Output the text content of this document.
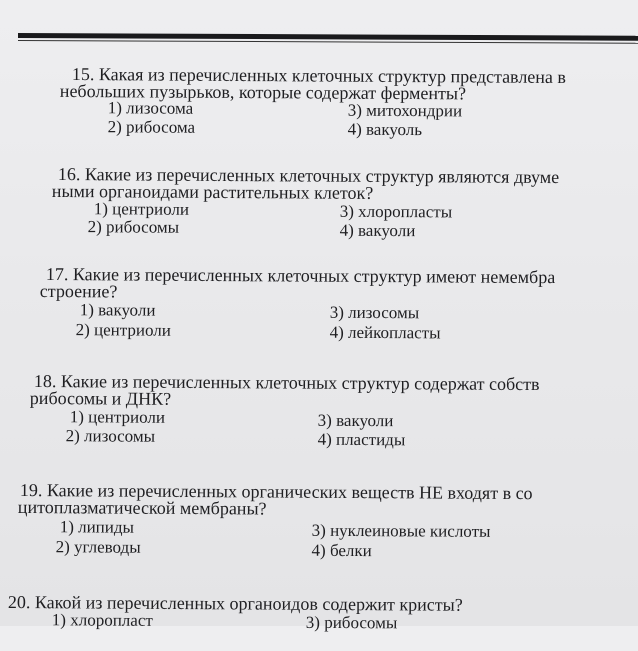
15. Какая из перечисленных клеточных структур представлена в

небольших пузырьков, которые содержат ферменты?

1) лизосома
2) рибосома
3) митохондрии
4) вакуоль

16. Какие из перечисленных клеточных структур являются двуме

ными органоидами растительных клеток?

1) центриоли
2) рибосомы
3) хлоропласты
4) вакуоли

17. Какие из перечисленных клеточных структур имеют немембра

строение?

1) вакуоли
2) центриоли
3) лизосомы
4) лейкопласты

18. Какие из перечисленных клеточных структур содержат собств

рибосомы и ДНК?

1) центриоли
2) лизосомы
3) вакуоли
4) пластиды

19. Какие из перечисленных органических веществ НЕ входят в со

цитоплазматической мембраны?

1) липиды
2) углеводы
3) нуклеиновые кислоты
4) белки

20. Какой из перечисленных органоидов содержит кристы?

1) хлоропласт	3) рибосомы
